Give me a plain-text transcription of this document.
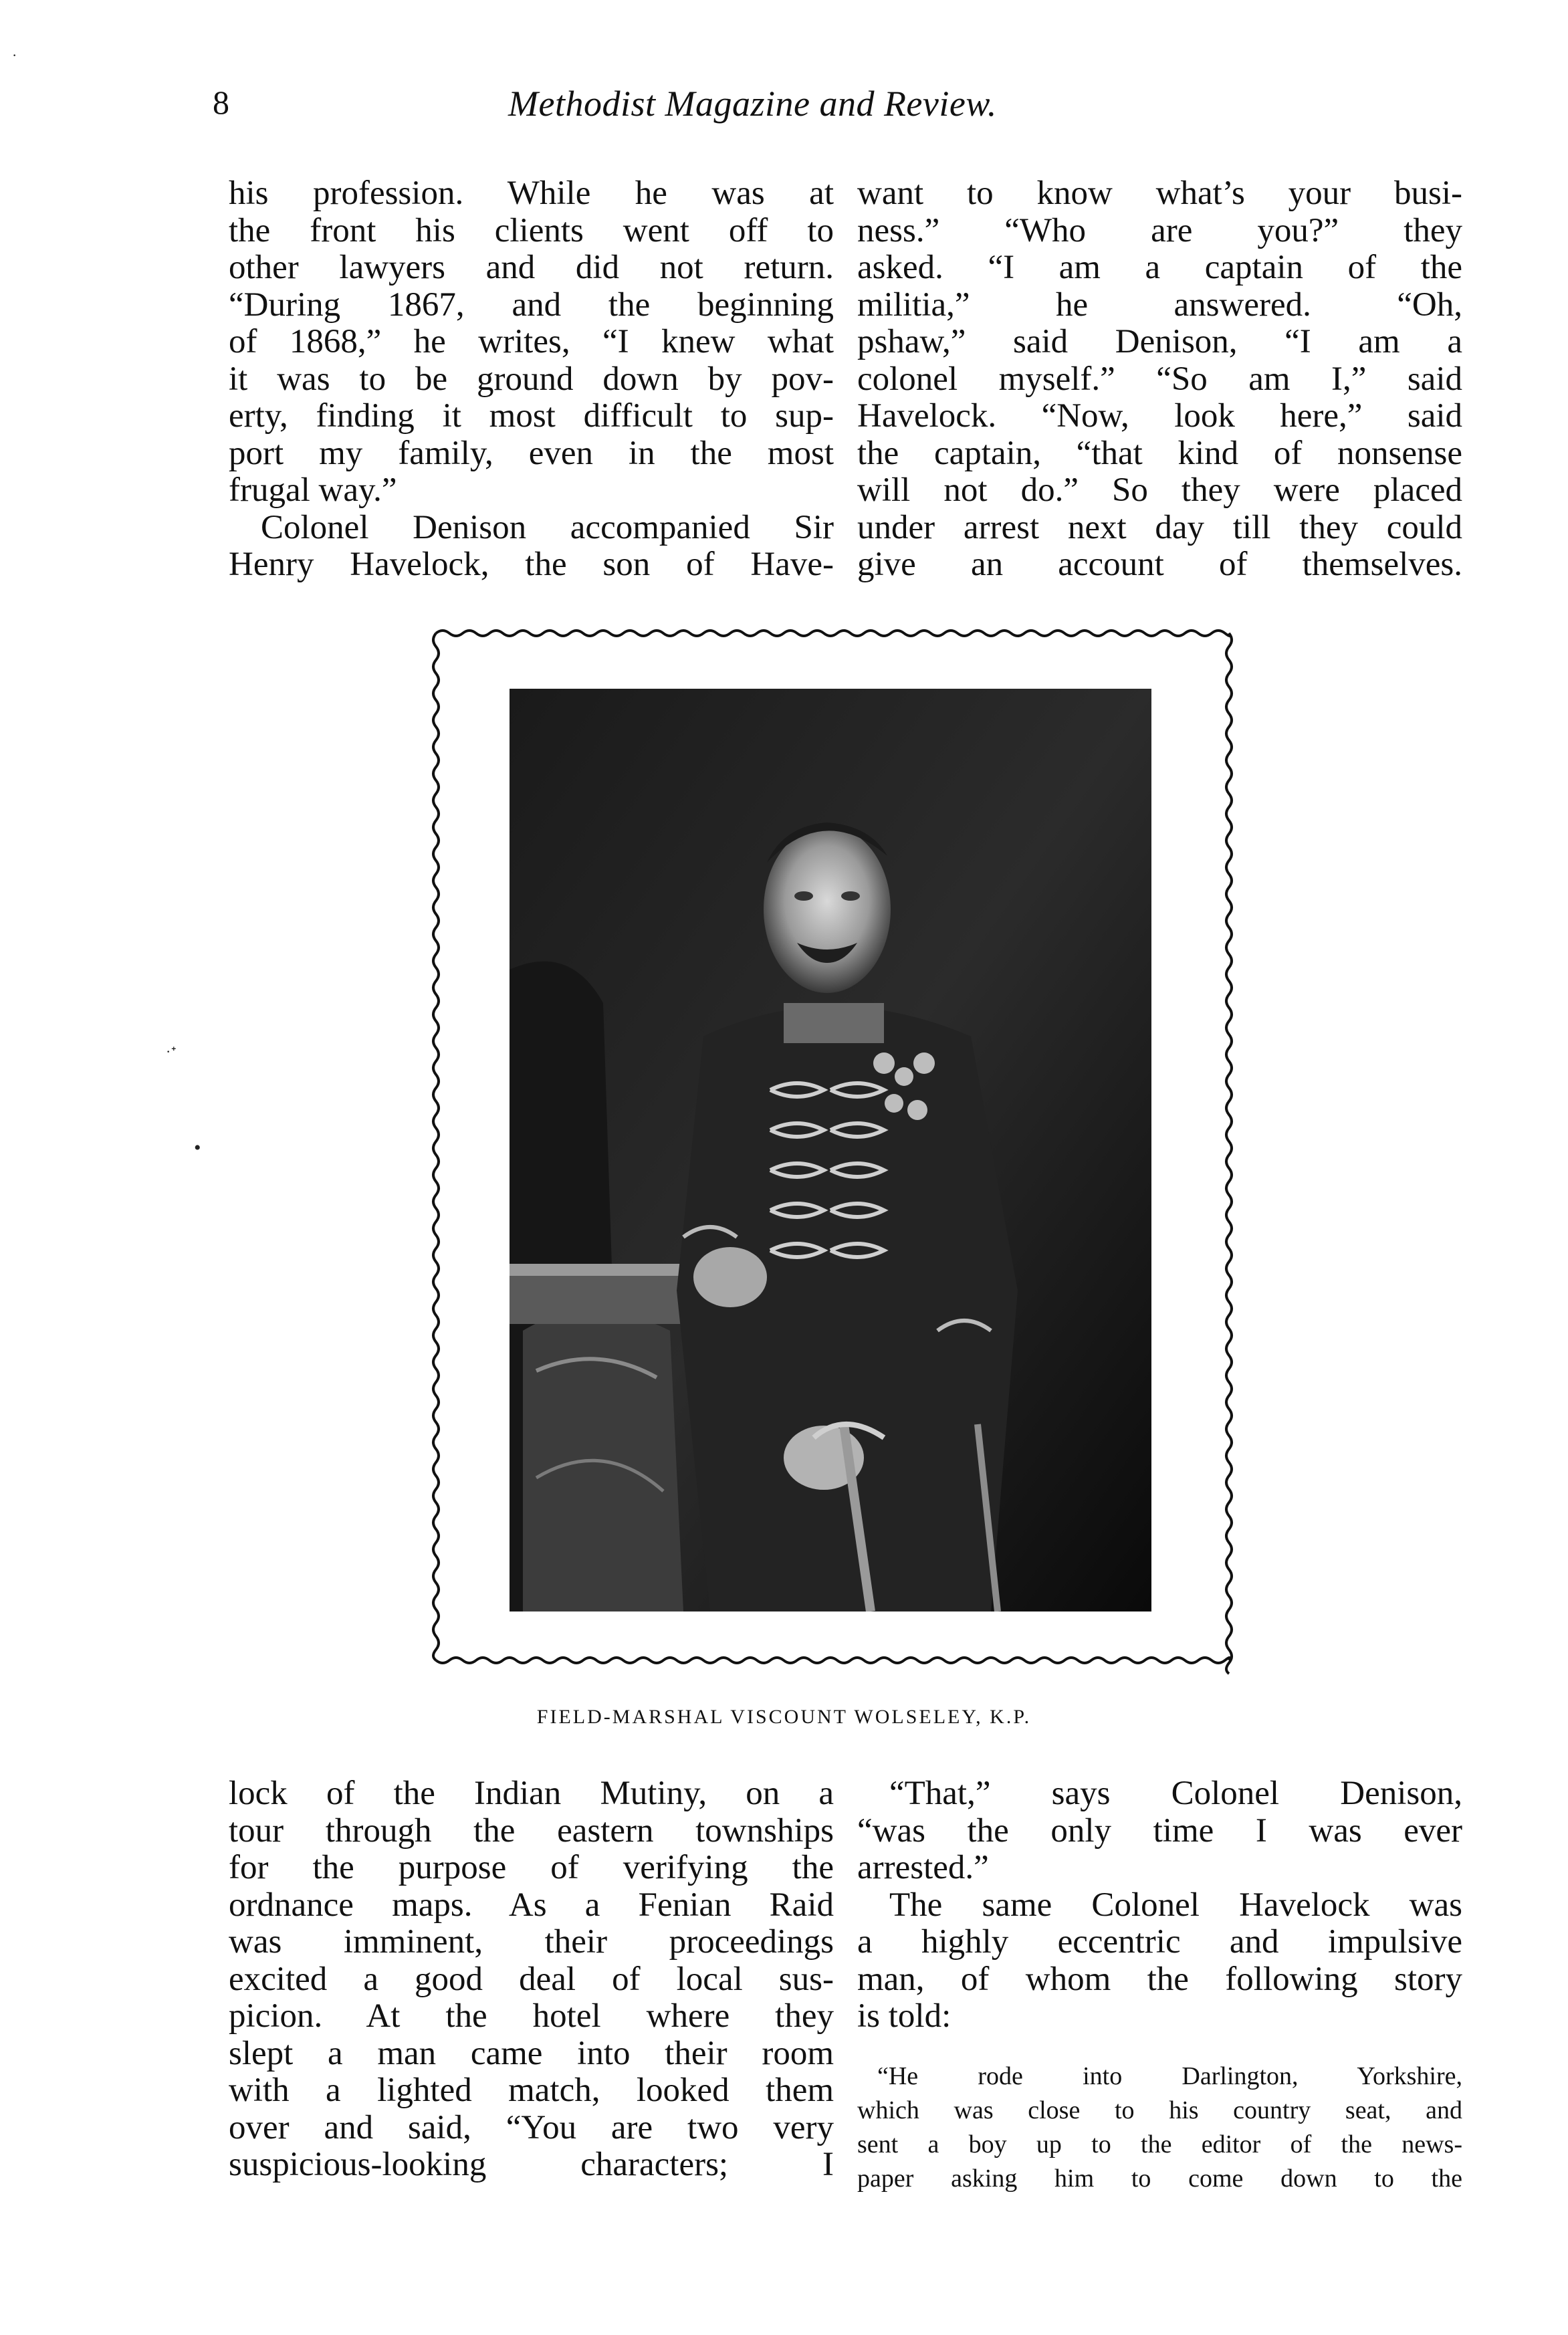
·
·ᐩ
•
8	Methodist Magazine and Review.
his profession. While he was at
the front his clients went off to
other lawyers and did not return.
“During 1867, and the beginning
of 1868,” he writes, “I knew what
it was to be ground down by pov-
erty, finding it most difficult to sup-
port my family, even in the most
frugal way.”
Colonel Denison accompanied Sir
Henry Havelock, the son of Have-
want to know what’s your busi-
ness.” “Who are you?” they
asked. “I am a captain of the
militia,” he answered. “Oh,
pshaw,” said Denison, “I am a
colonel myself.” “So am I,” said
Havelock. “Now, look here,” said
the captain, “that kind of nonsense
will not do.” So they were placed
under arrest next day till they could
give an account of themselves.
FIELD-MARSHAL VISCOUNT WOLSELEY, K.P.
lock of the Indian Mutiny, on a
tour through the eastern townships
for the purpose of verifying the
ordnance maps. As a Fenian Raid
was imminent, their proceedings
excited a good deal of local sus-
picion. At the hotel where they
slept a man came into their room
with a lighted match, looked them
over and said, “You are two very
suspicious-looking characters; I
“That,” says Colonel Denison,
“was the only time I was ever
arrested.”
The same Colonel Havelock was
a highly eccentric and impulsive
man, of whom the following story
is told:
“He rode into Darlington, Yorkshire,
which was close to his country seat, and
sent a boy up to the editor of the news-
paper asking him to come down to the
